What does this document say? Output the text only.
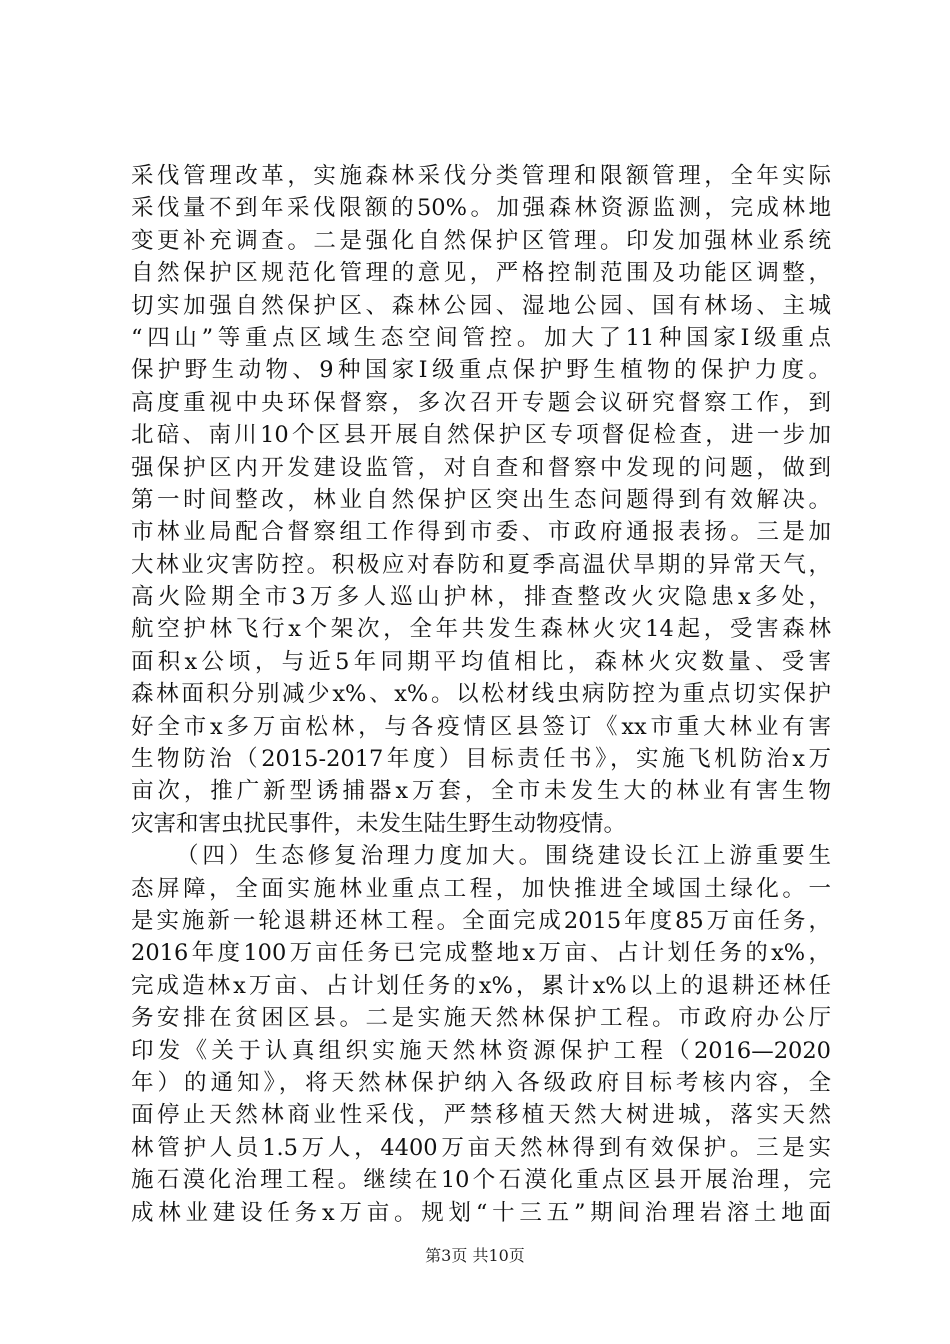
采伐管理改革，实施森林采伐分类管理和限额管理，全年实际
采伐量不到年采伐限额的50%。加强森林资源监测，完成林地
变更补充调查。二是强化自然保护区管理。印发加强林业系统
自然保护区规范化管理的意见，严格控制范围及功能区调整，
切实加强自然保护区、森林公园、湿地公园、国有林场、主城
“四山”等重点区域生态空间管控。加大了11种国家Ⅰ级重点
保护野生动物、9种国家Ⅰ级重点保护野生植物的保护力度。
高度重视中央环保督察，多次召开专题会议研究督察工作，到
北碚、南川10个区县开展自然保护区专项督促检查，进一步加
强保护区内开发建设监管，对自查和督察中发现的问题，做到
第一时间整改，林业自然保护区突出生态问题得到有效解决。
市林业局配合督察组工作得到市委、市政府通报表扬。三是加
大林业灾害防控。积极应对春防和夏季高温伏旱期的异常天气，
高火险期全市3万多人巡山护林，排查整改火灾隐患x多处，
航空护林飞行x个架次，全年共发生森林火灾14起，受害森林
面积x公顷，与近5年同期平均值相比，森林火灾数量、受害
森林面积分别减少x%、x%。以松材线虫病防控为重点切实保护
好全市x多万亩松林，与各疫情区县签订《xx市重大林业有害
生物防治（2015-2017年度）目标责任书》，实施飞机防治x万
亩次，推广新型诱捕器x万套，全市未发生大的林业有害生物
灾害和害虫扰民事件，未发生陆生野生动物疫情。
（四）生态修复治理力度加大。围绕建设长江上游重要生
态屏障，全面实施林业重点工程，加快推进全域国土绿化。一
是实施新一轮退耕还林工程。全面完成2015年度85万亩任务，
2016年度100万亩任务已完成整地x万亩、占计划任务的x%，
完成造林x万亩、占计划任务的x%，累计x%以上的退耕还林任
务安排在贫困区县。二是实施天然林保护工程。市政府办公厅
印发《关于认真组织实施天然林资源保护工程（2016—2020
年）的通知》，将天然林保护纳入各级政府目标考核内容，全
面停止天然林商业性采伐，严禁移植天然大树进城，落实天然
林管护人员1.5万人，4400万亩天然林得到有效保护。三是实
施石漠化治理工程。继续在10个石漠化重点区县开展治理，完
成林业建设任务x万亩。规划“十三五”期间治理岩溶土地面
第3页 共10页
